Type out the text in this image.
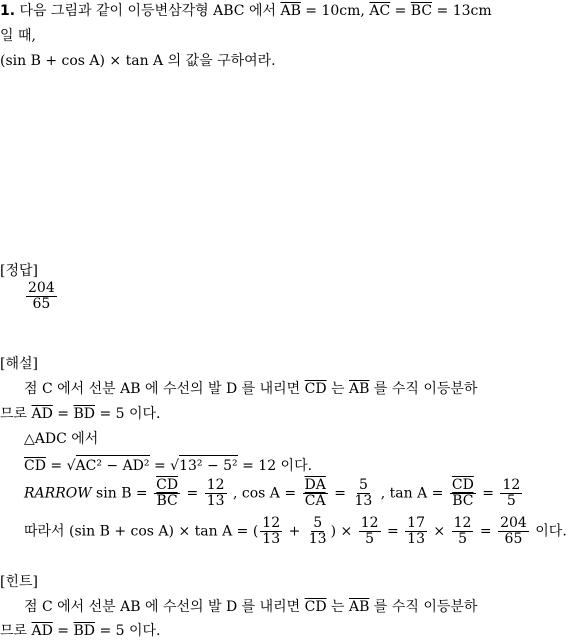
1. 다음 그림과 같이 이등변삼각형 ABC 에서 $\overline{AB} = 10cm$, $\overline{AC} = \overline{BC} = 13cm$
일 때,
(sin B + cos A) × tan A 의 값을 구하여라.
[정답]
$\frac{204}{65}$
[해설]
점 C 에서 선분 AB 에 수선의 발 D 를 내리면 $\overline{CD}$ 는 $\overline{AB}$ 를 수직 이등분하
므로 $\overline{AD} = \overline{BD} = 5$ 이다.
△ADC 에서
$\overline{CD} = √AC^2 - AD^2 = √13^2 - 5^2 = 12$ 이다.
RARROW $\sin B = \frac{\overline{CD}}{BC} = \frac{12}{13}$ , $\cos A = \frac{\overline{DA}}{CA} = \frac{5}{13}$ , $\tan A = \frac{\overline{CD}}{BC} = \frac{12}{5}$
따라서 (sin B + cos A) × tan A = ( $\frac{12}{13} + \frac{5}{13}$ ) × $\frac{12}{5} = \frac{17}{13} \times \frac{12}{5} = \frac{204}{65}$ 이다.
[힌트]
점 C 에서 선분 AB 에 수선의 발 D 를 내리면 $\overline{CD}$ 는 $\overline{AB}$ 를 수직 이등분하
므로 $\overline{AD} = \overline{BD} = 5$ 이다.
